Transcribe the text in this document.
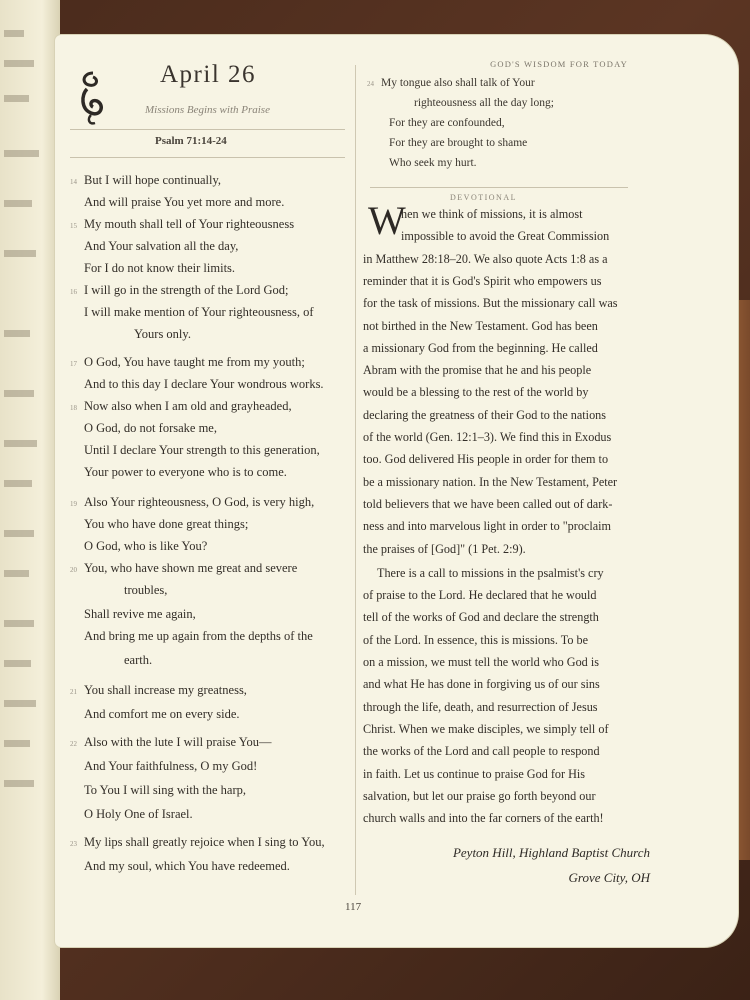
GOD'S WISDOM FOR TODAY
April 26
Missions Begins with Praise
Psalm 71:14-24
14 But I will hope continually,
And will praise You yet more and more.
15 My mouth shall tell of Your righteousness
And Your salvation all the day,
For I do not know their limits.
16 I will go in the strength of the Lord God;
I will make mention of Your righteousness, of
Yours only.
17 O God, You have taught me from my youth;
And to this day I declare Your wondrous works.
18 Now also when I am old and grayheaded,
O God, do not forsake me,
Until I declare Your strength to this generation,
Your power to everyone who is to come.
19 Also Your righteousness, O God, is very high,
You who have done great things;
O God, who is like You?
20 You, who have shown me great and severe
troubles,
Shall revive me again,
And bring me up again from the depths of the
earth.
21 You shall increase my greatness,
And comfort me on every side.
22 Also with the lute I will praise You—
And Your faithfulness, O my God!
To You I will sing with the harp,
O Holy One of Israel.
23 My lips shall greatly rejoice when I sing to You,
And my soul, which You have redeemed.
24 My tongue also shall talk of Your
righteousness all the day long;
For they are confounded,
For they are brought to shame
Who seek my hurt.
DEVOTIONAL
W
hen we think of missions, it is almost
impossible to avoid the Great Commission
in Matthew 28:18–20. We also quote Acts 1:8 as a
reminder that it is God's Spirit who empowers us
for the task of missions. But the missionary call was
not birthed in the New Testament. God has been
a missionary God from the beginning. He called
Abram with the promise that he and his people
would be a blessing to the rest of the world by
declaring the greatness of their God to the nations
of the world (Gen. 12:1–3). We find this in Exodus
too. God delivered His people in order for them to
be a missionary nation. In the New Testament, Peter
told believers that we have been called out of dark-
ness and into marvelous light in order to "proclaim
the praises of [God]" (1 Pet. 2:9).
There is a call to missions in the psalmist's cry
of praise to the Lord. He declared that he would
tell of the works of God and declare the strength
of the Lord. In essence, this is missions. To be
on a mission, we must tell the world who God is
and what He has done in forgiving us of our sins
through the life, death, and resurrection of Jesus
Christ. When we make disciples, we simply tell of
the works of the Lord and call people to respond
in faith. Let us continue to praise God for His
salvation, but let our praise go forth beyond our
church walls and into the far corners of the earth!
Peyton Hill, Highland Baptist Church
Grove City, OH
117
